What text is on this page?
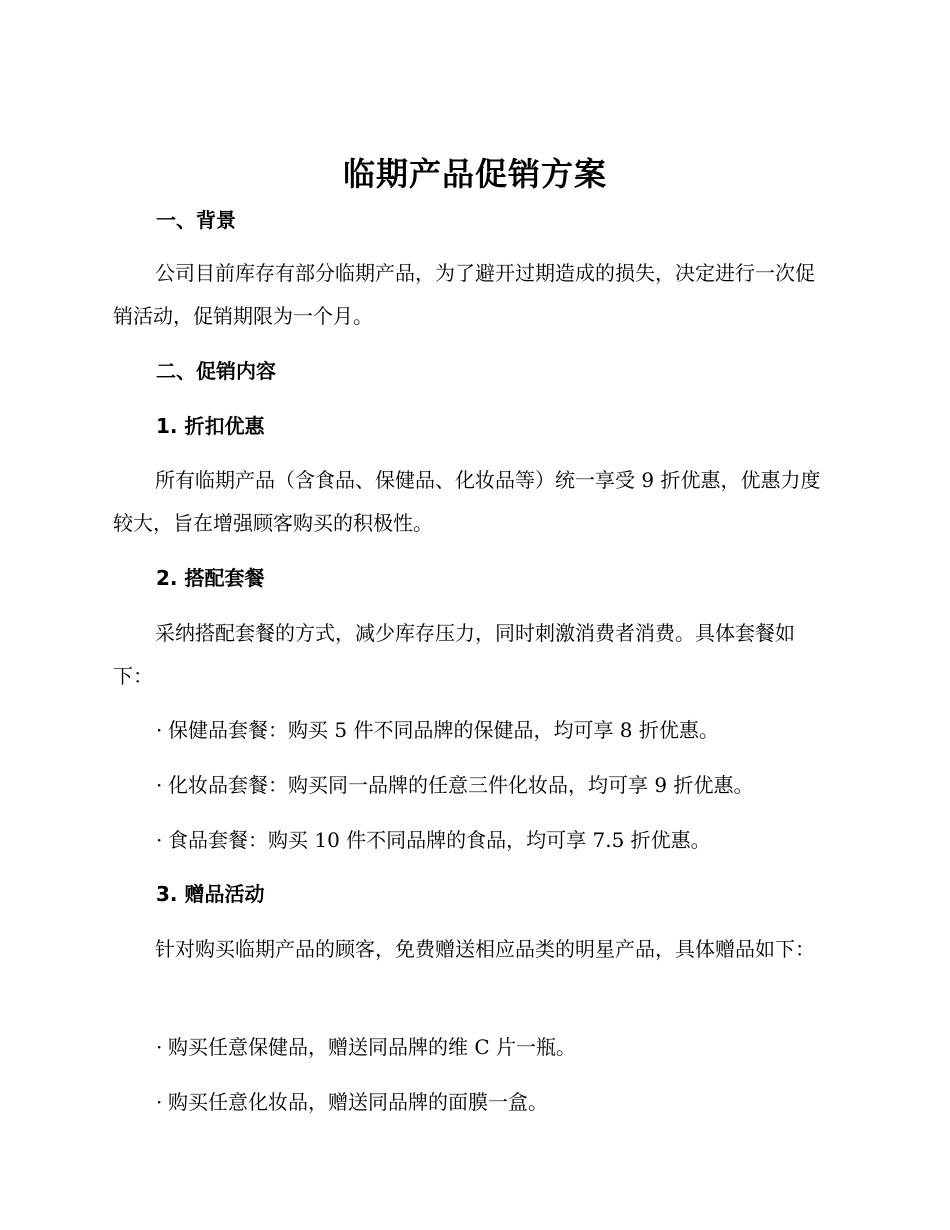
临期产品促销方案
一、背景

公司目前库存有部分临期产品，为了避开过期造成的损失，决定进行一次促销活动，促销期限为一个月。

二、促销内容
1. 折扣优惠

所有临期产品（含食品、保健品、化妆品等）统一享受 9 折优惠，优惠力度较大，旨在增强顾客购买的积极性。

2. 搭配套餐

采纳搭配套餐的方式，减少库存压力，同时刺激消费者消费。具体套餐如下：

· 保健品套餐：购买 5 件不同品牌的保健品，均可享 8 折优惠。
· 化妆品套餐：购买同一品牌的任意三件化妆品，均可享 9 折优惠。
· 食品套餐：购买 10 件不同品牌的食品，均可享 7.5 折优惠。
3. 赠品活动

针对购买临期产品的顾客，免费赠送相应品类的明星产品，具体赠品如下：

· 购买任意保健品，赠送同品牌的维 C 片一瓶。
· 购买任意化妆品，赠送同品牌的面膜一盒。
